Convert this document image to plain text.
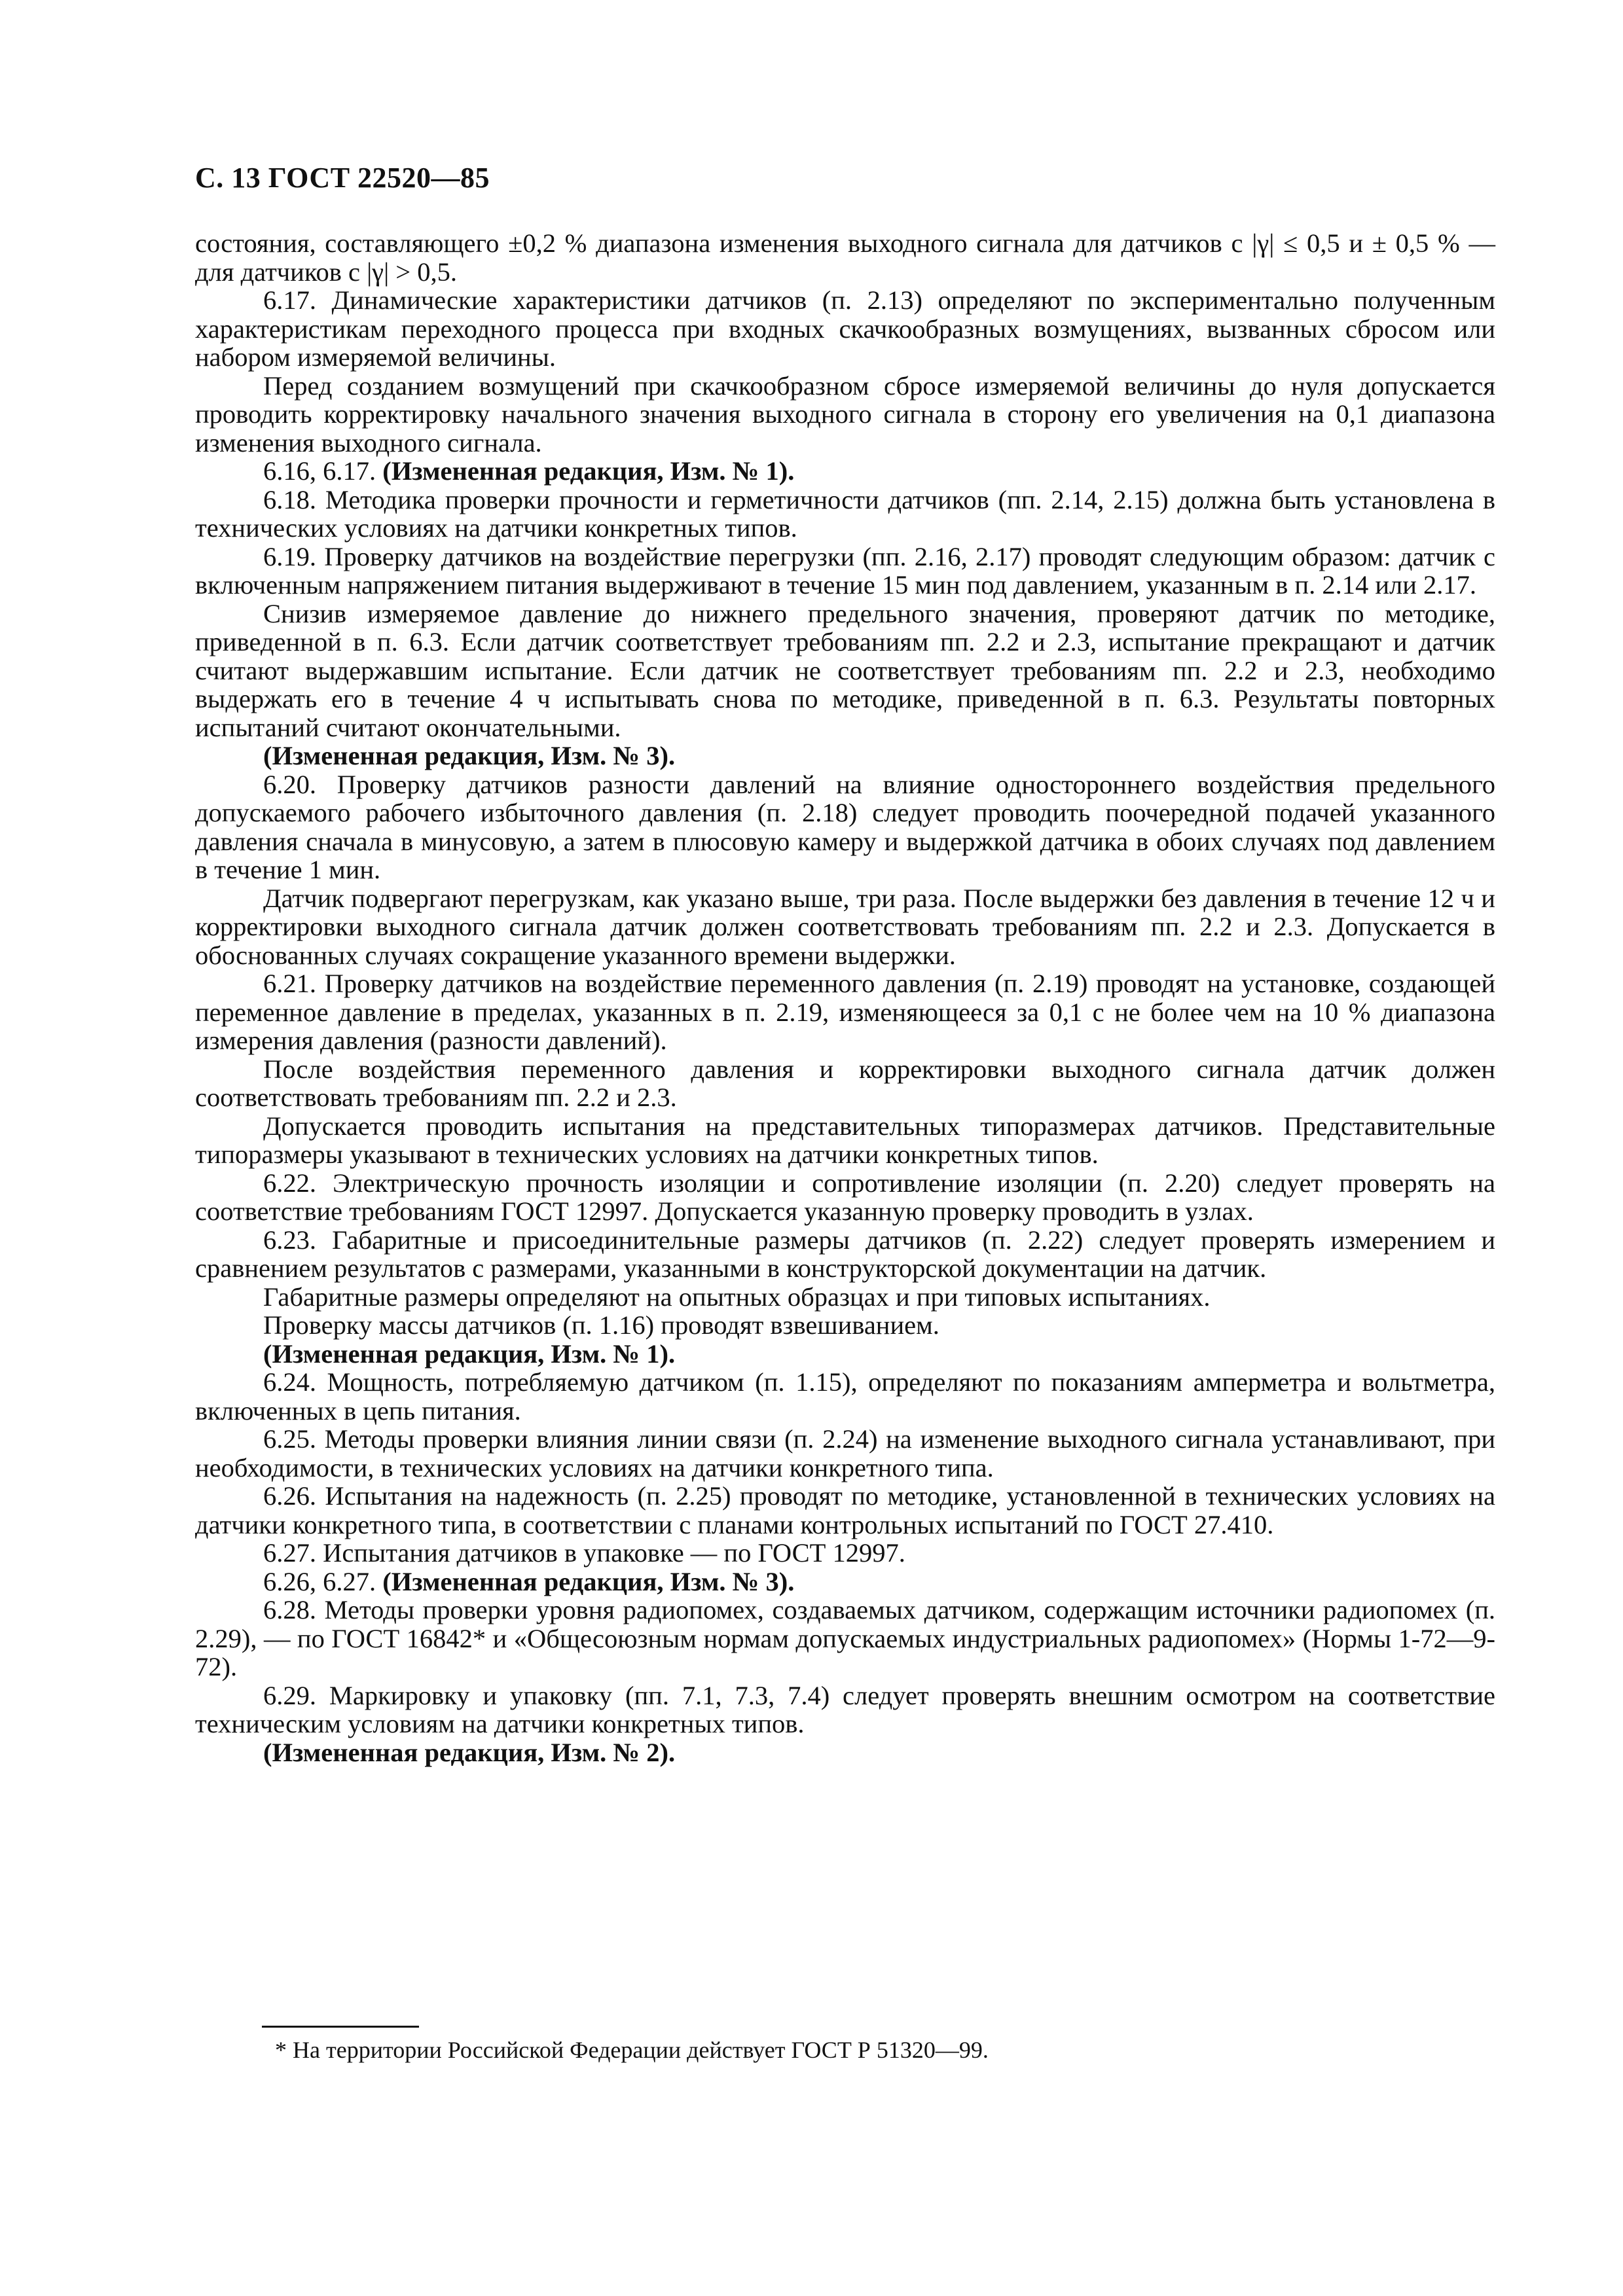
С. 13 ГОСТ 22520—85

состояния, составляющего ±0,2 % диапазона изменения выходного сигнала для датчиков с |γ| ≤ 0,5 и ± 0,5 % — для датчиков с |γ| > 0,5.

6.17. Динамические характеристики датчиков (п. 2.13) определяют по экспериментально полученным характеристикам переходного процесса при входных скачкообразных возмущениях, вызванных сбросом или набором измеряемой величины.

Перед созданием возмущений при скачкообразном сбросе измеряемой величины до нуля допускается проводить корректировку начального значения выходного сигнала в сторону его увеличения на 0,1 диапазона изменения выходного сигнала.

6.16, 6.17. (Измененная редакция, Изм. № 1).

6.18. Методика проверки прочности и герметичности датчиков (пп. 2.14, 2.15) должна быть установлена в технических условиях на датчики конкретных типов.

6.19. Проверку датчиков на воздействие перегрузки (пп. 2.16, 2.17) проводят следующим образом: датчик с включенным напряжением питания выдерживают в течение 15 мин под давлением, указанным в п. 2.14 или 2.17.

Снизив измеряемое давление до нижнего предельного значения, проверяют датчик по методике, приведенной в п. 6.3. Если датчик соответствует требованиям пп. 2.2 и 2.3, испытание прекращают и датчик считают выдержавшим испытание. Если датчик не соответствует требованиям пп. 2.2 и 2.3, необходимо выдержать его в течение 4 ч испытывать снова по методике, приведенной в п. 6.3. Результаты повторных испытаний считают окончательными.

(Измененная редакция, Изм. № 3).

6.20. Проверку датчиков разности давлений на влияние одностороннего воздействия предельного допускаемого рабочего избыточного давления (п. 2.18) следует проводить поочередной подачей указанного давления сначала в минусовую, а затем в плюсовую камеру и выдержкой датчика в обоих случаях под давлением в течение 1 мин.

Датчик подвергают перегрузкам, как указано выше, три раза. После выдержки без давления в течение 12 ч и корректировки выходного сигнала датчик должен соответствовать требованиям пп. 2.2 и 2.3. Допускается в обоснованных случаях сокращение указанного времени выдержки.

6.21. Проверку датчиков на воздействие переменного давления (п. 2.19) проводят на установке, создающей переменное давление в пределах, указанных в п. 2.19, изменяющееся за 0,1 с не более чем на 10 % диапазона измерения давления (разности давлений).

После воздействия переменного давления и корректировки выходного сигнала датчик должен соответствовать требованиям пп. 2.2 и 2.3.

Допускается проводить испытания на представительных типоразмерах датчиков. Представительные типоразмеры указывают в технических условиях на датчики конкретных типов.

6.22. Электрическую прочность изоляции и сопротивление изоляции (п. 2.20) следует проверять на соответствие требованиям ГОСТ 12997. Допускается указанную проверку проводить в узлах.

6.23. Габаритные и присоединительные размеры датчиков (п. 2.22) следует проверять измерением и сравнением результатов с размерами, указанными в конструкторской документации на датчик.

Габаритные размеры определяют на опытных образцах и при типовых испытаниях.

Проверку массы датчиков (п. 1.16) проводят взвешиванием.

(Измененная редакция, Изм. № 1).

6.24. Мощность, потребляемую датчиком (п. 1.15), определяют по показаниям амперметра и вольтметра, включенных в цепь питания.

6.25. Методы проверки влияния линии связи (п. 2.24) на изменение выходного сигнала устанавливают, при необходимости, в технических условиях на датчики конкретного типа.

6.26. Испытания на надежность (п. 2.25) проводят по методике, установленной в технических условиях на датчики конкретного типа, в соответствии с планами контрольных испытаний по ГОСТ 27.410.

6.27. Испытания датчиков в упаковке — по ГОСТ 12997.

6.26, 6.27. (Измененная редакция, Изм. № 3).

6.28. Методы проверки уровня радиопомех, создаваемых датчиком, содержащим источники радиопомех (п. 2.29), — по ГОСТ 16842* и «Общесоюзным нормам допускаемых индустриальных радиопомех» (Нормы 1-72—9-72).

6.29. Маркировку и упаковку (пп. 7.1, 7.3, 7.4) следует проверять внешним осмотром на соответствие техническим условиям на датчики конкретных типов.

(Измененная редакция, Изм. № 2).

* На территории Российской Федерации действует ГОСТ Р 51320—99.
